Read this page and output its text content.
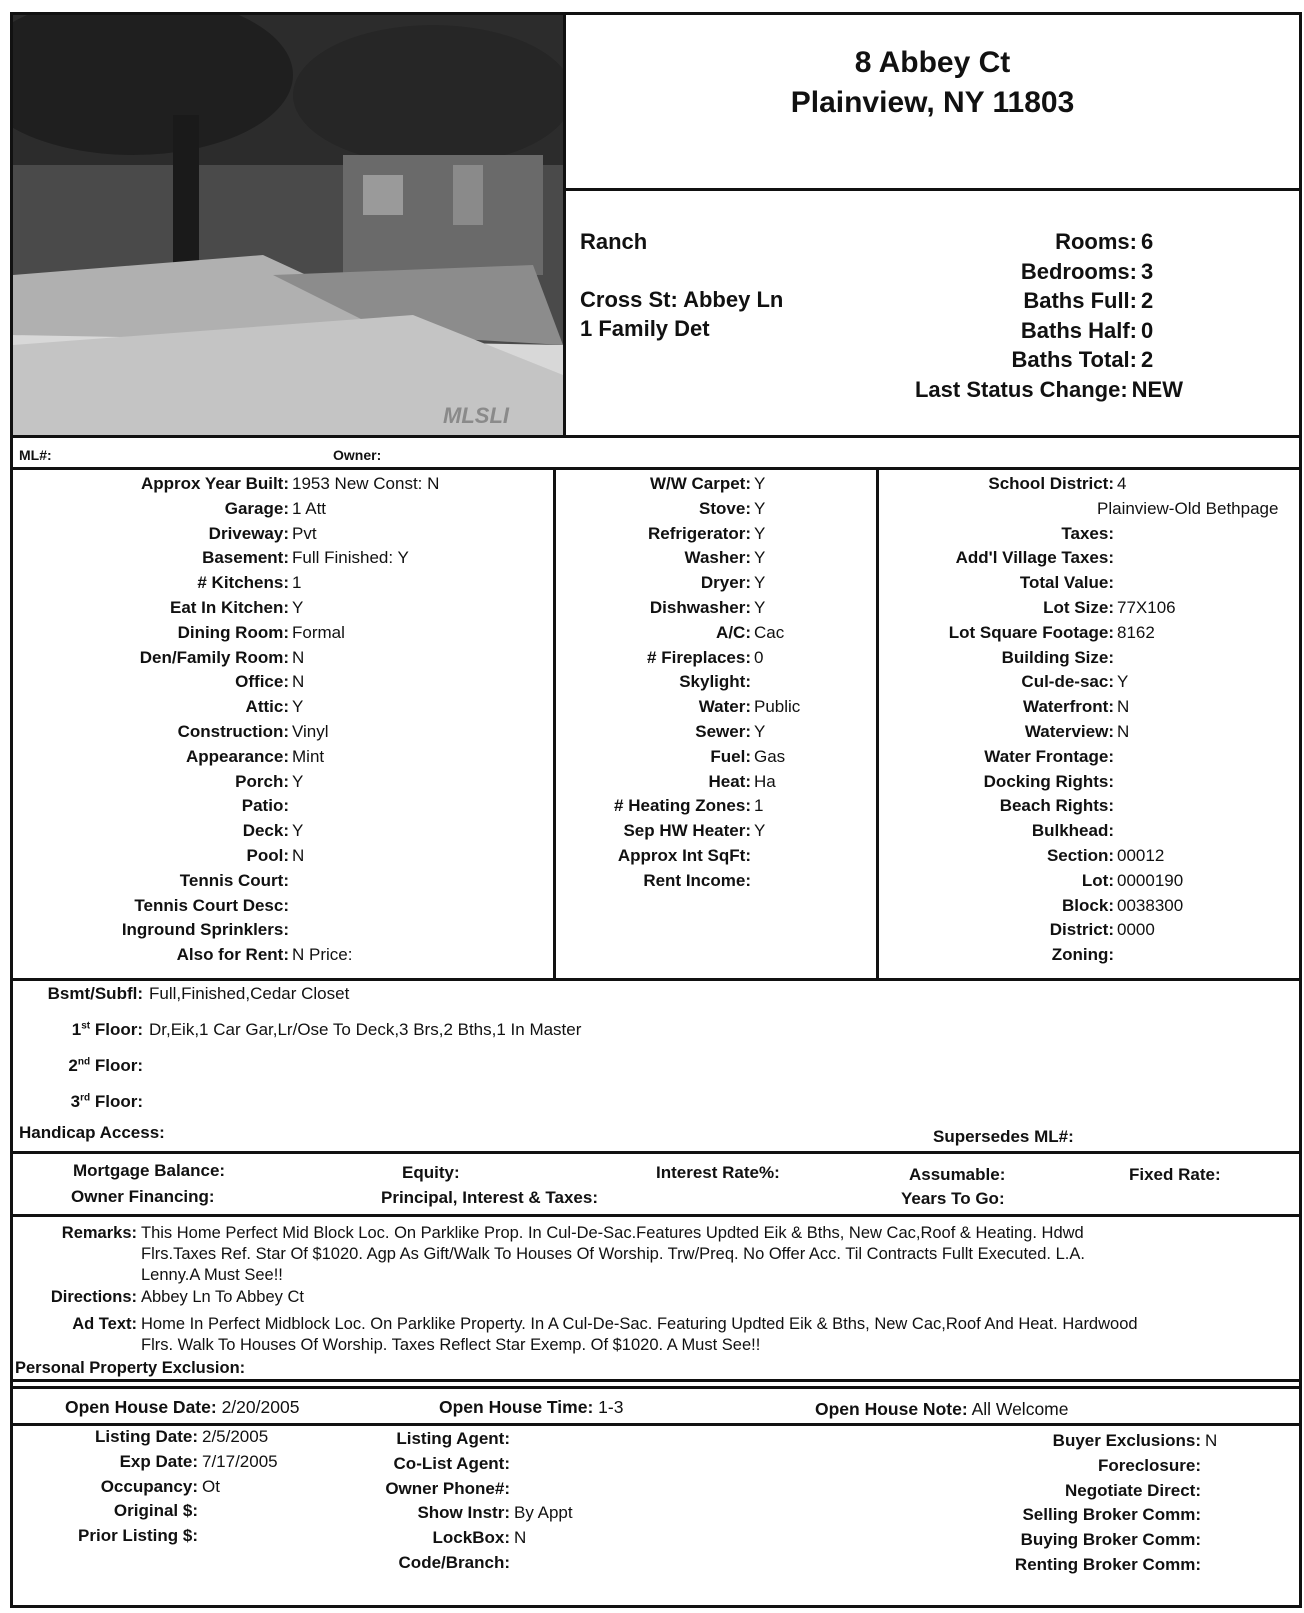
MLSLI
8 Abbey Ct
Plainview, NY 11803
Ranch
Cross St: Abbey Ln
1 Family Det
Rooms: 6
Bedrooms: 3
Baths Full: 2
Baths Half: 0
Baths Total: 2
Last Status Change: NEW
ML#:	Owner:
Approx Year Built: 1953 New Const: N
Garage: 1 Att
Driveway: Pvt
Basement: Full Finished: Y
# Kitchens: 1
Eat In Kitchen: Y
Dining Room: Formal
Den/Family Room: N
Office: N
Attic: Y
Construction: Vinyl
Appearance: Mint
Porch: Y
Patio:
Deck: Y
Pool: N
Tennis Court:
Tennis Court Desc:
Inground Sprinklers:
Also for Rent: N Price:
W/W Carpet: Y
Stove: Y
Refrigerator: Y
Washer: Y
Dryer: Y
Dishwasher: Y
A/C: Cac
# Fireplaces: 0
Skylight:
Water: Public
Sewer: Y
Fuel: Gas
Heat: Ha
# Heating Zones: 1
Sep HW Heater: Y
Approx Int SqFt:
Rent Income:
School District: 4
Plainview-Old Bethpage
Taxes:
Add'l Village Taxes:
Total Value:
Lot Size: 77X106
Lot Square Footage: 8162
Building Size:
Cul-de-sac: Y
Waterfront: N
Waterview: N
Water Frontage:
Docking Rights:
Beach Rights:
Bulkhead:
Section: 00012
Lot: 0000190
Block: 0038300
District: 0000
Zoning:
Bsmt/Subfl: Full,Finished,Cedar Closet
1st Floor: Dr,Eik,1 Car Gar,Lr/Ose To Deck,3 Brs,2 Bths,1 In Master
2nd Floor:
3rd Floor:
Handicap Access:	Supersedes ML#:
Mortgage Balance:	Equity:	Interest Rate%:	Assumable:	Fixed Rate:
Owner Financing:	Principal, Interest & Taxes:	Years To Go:
Remarks: This Home Perfect Mid Block Loc. On Parklike Prop. In Cul-De-Sac.Features Updted Eik & Bths, New Cac,Roof & Heating. Hdwd
Flrs.Taxes Ref. Star Of $1020. Agp As Gift/Walk To Houses Of Worship. Trw/Preq. No Offer Acc. Til Contracts Fullt Executed. L.A.
Lenny.A Must See!!
Directions: Abbey Ln To Abbey Ct
Ad Text: Home In Perfect Midblock Loc. On Parklike Property. In A Cul-De-Sac. Featuring Updted Eik & Bths, New Cac,Roof And Heat. Hardwood
Flrs. Walk To Houses Of Worship. Taxes Reflect Star Exemp. Of $1020. A Must See!!
Personal Property Exclusion:
Open House Date: 2/20/2005	Open House Time: 1-3	Open House Note: All Welcome
Listing Date: 2/5/2005
Exp Date: 7/17/2005
Occupancy: Ot
Original $:
Prior Listing $:
Listing Agent:
Co-List Agent:
Owner Phone#:
Show Instr: By Appt
LockBox: N
Code/Branch:
Buyer Exclusions: N
Foreclosure:
Negotiate Direct:
Selling Broker Comm:
Buying Broker Comm:
Renting Broker Comm:
